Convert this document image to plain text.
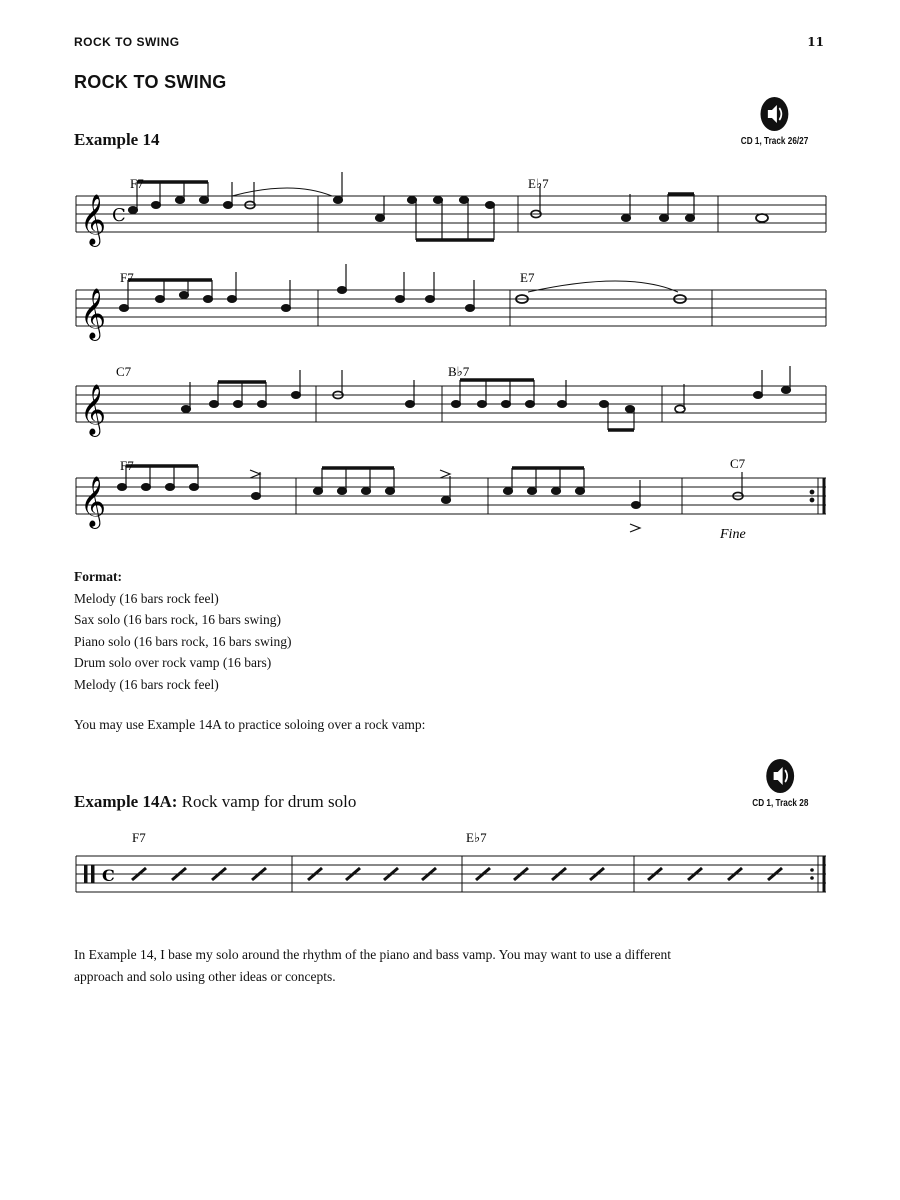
ROCK TO SWING	11
ROCK TO SWING
Example 14	CD 1, Track 26/27
𝄞 C
F7	E♭7
𝄞
F7	E7
𝄞
C7	B♭7
𝄞
F7	C7
Fine
C
F7	E♭7
Format:
Melody (16 bars rock feel)
Sax solo (16 bars rock, 16 bars swing)
Piano solo (16 bars rock, 16 bars swing)
Drum solo over rock vamp (16 bars)
Melody (16 bars rock feel)
You may use Example 14A to practice soloing over a rock vamp:
Example 14A: Rock vamp for drum solo	CD 1, Track 28
In Example 14, I base my solo around the rhythm of the piano and bass vamp. You may want to use a different
approach and solo using other ideas or concepts.
